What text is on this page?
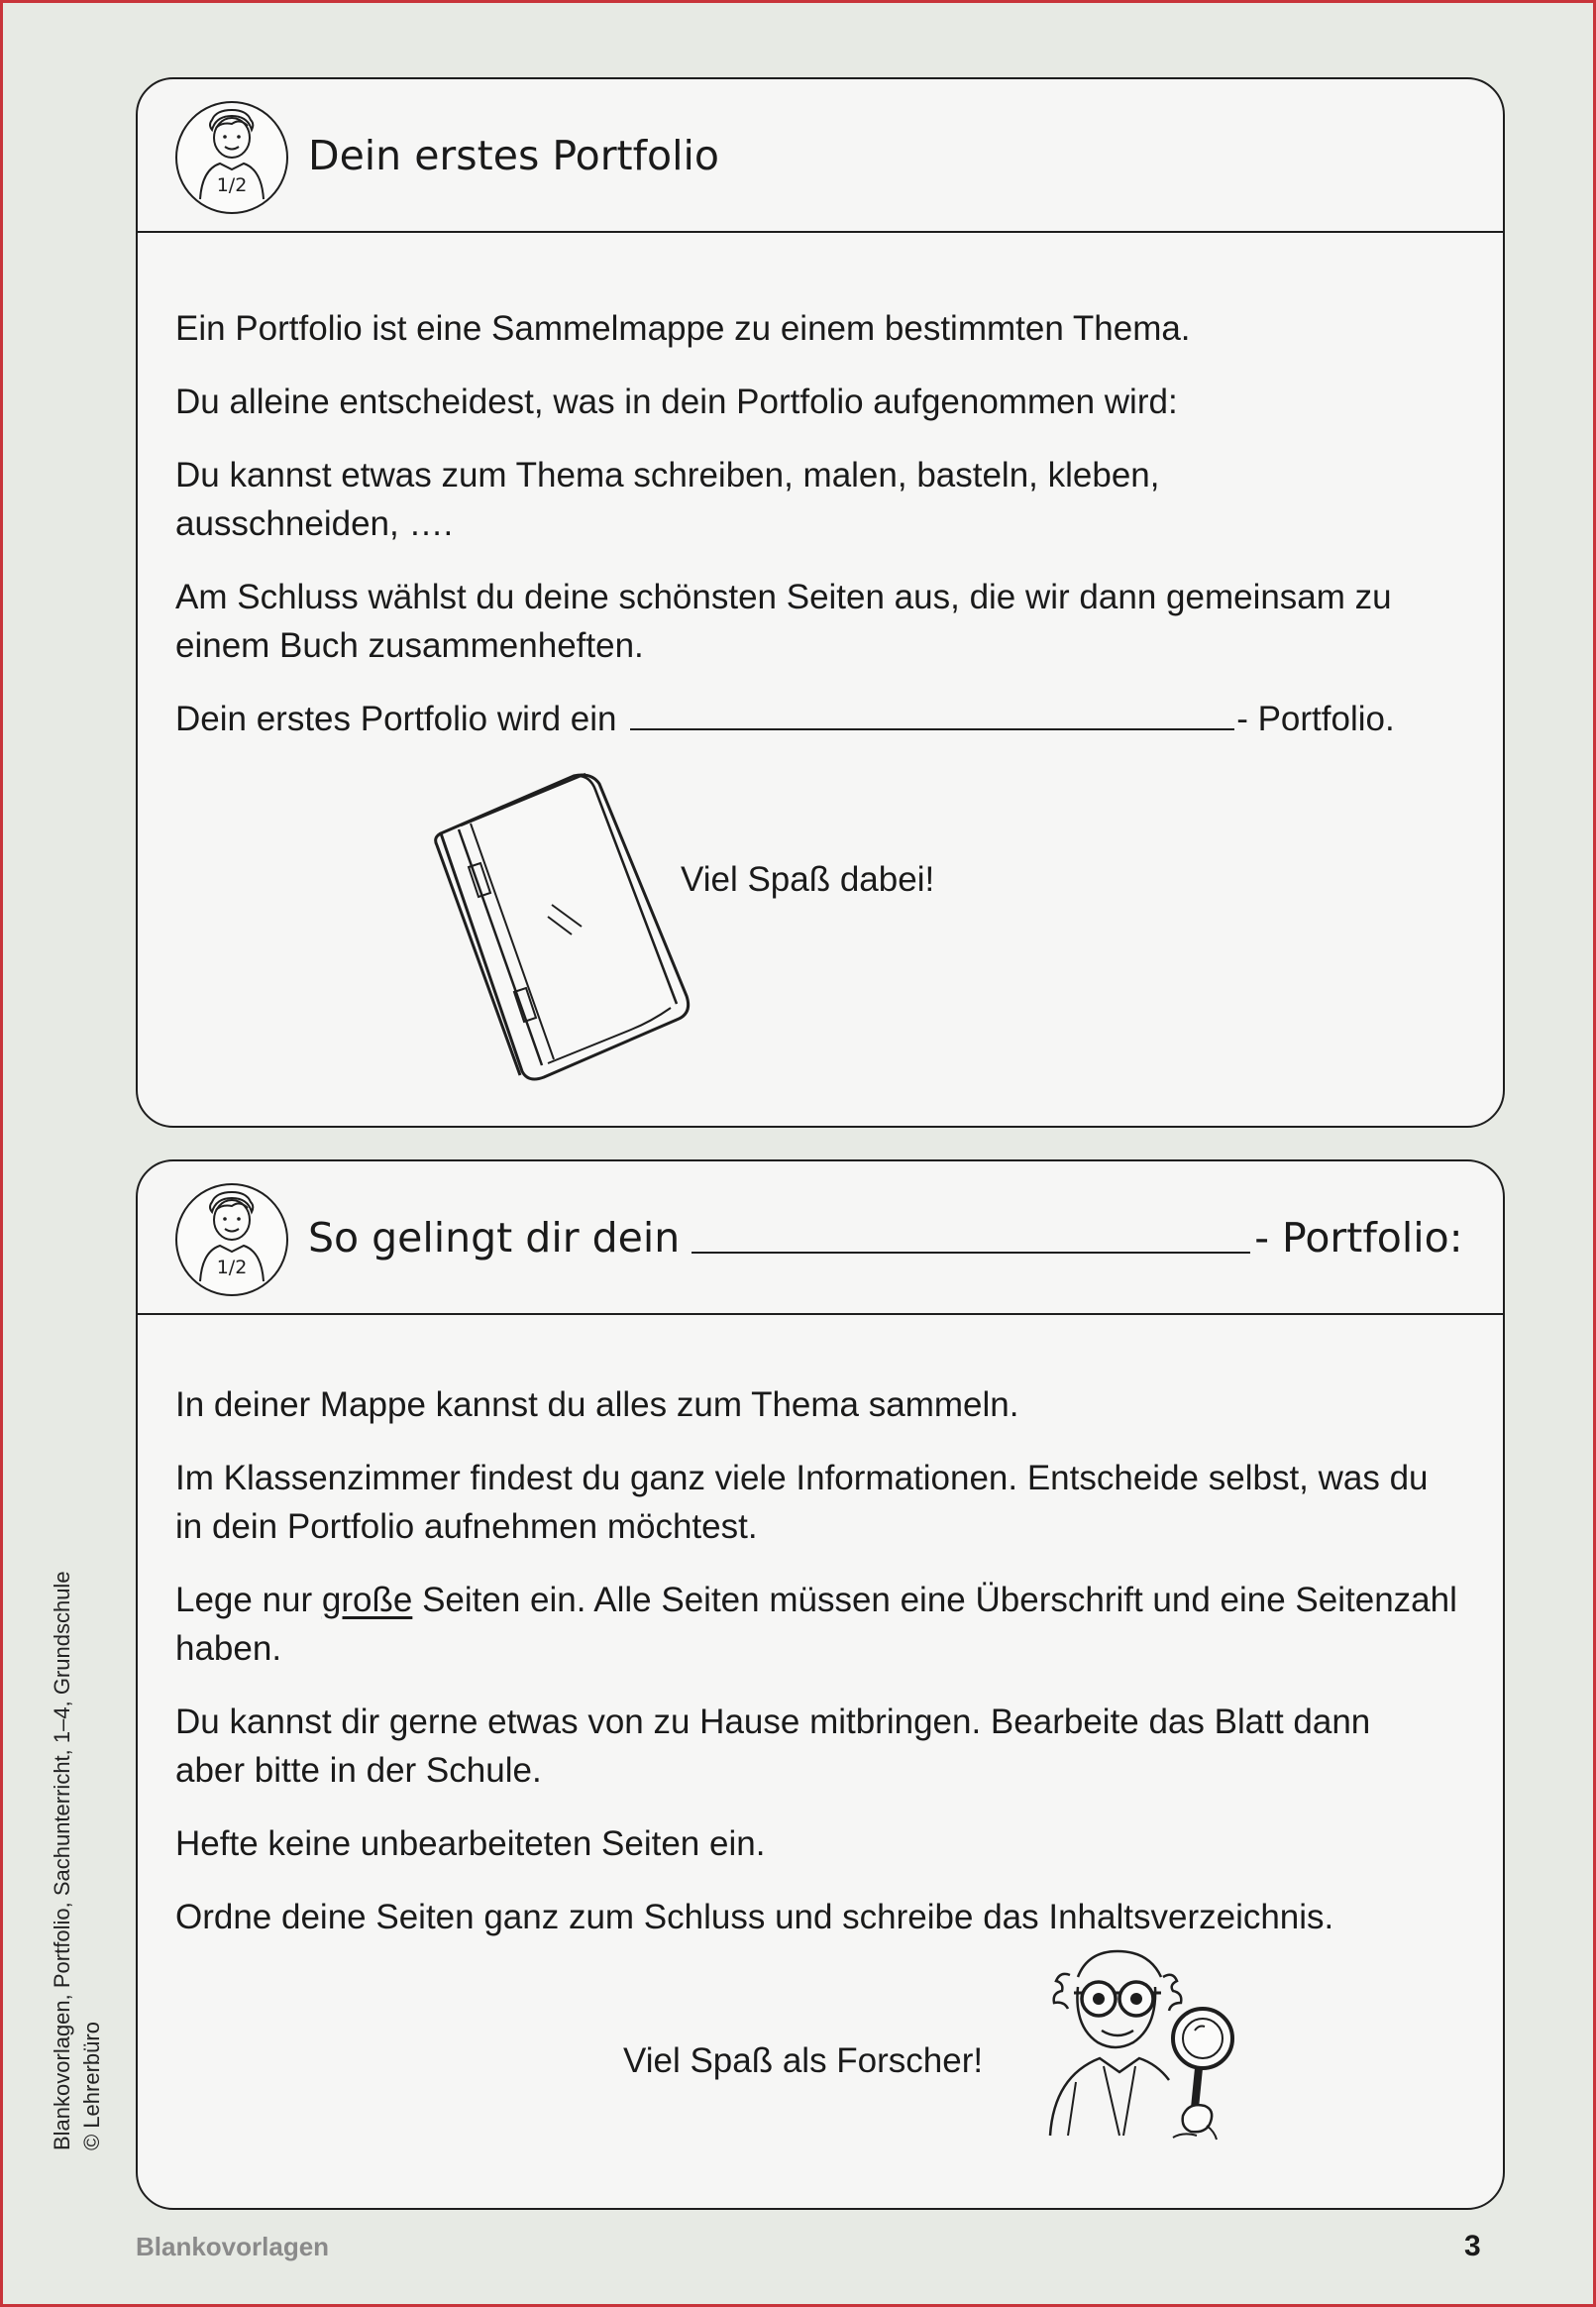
1/2
Dein erstes Portfolio

Ein Portfolio ist eine Sammelmappe zu einem bestimmten Thema.

Du alleine entscheidest, was in dein Portfolio aufgenommen wird:

Du kannst etwas zum Thema schreiben, malen, basteln, kleben, ausschneiden, ….

Am Schluss wählst du deine schönsten Seiten aus, die wir dann gemeinsam zu einem Buch zusammenheften.

Dein erstes Portfolio wird ein	- Portfolio.

Viel Spaß dabei!

1/2
So gelingt dir dein	- Portfolio:

In deiner Mappe kannst du alles zum Thema sammeln.

Im Klassenzimmer findest du ganz viele Informationen. Entscheide selbst, was du in dein Portfolio aufnehmen möchtest.

Lege nur große Seiten ein. Alle Seiten müssen eine Überschrift und eine Seitenzahl haben.

Du kannst dir gerne etwas von zu Hause mitbringen. Bearbeite das Blatt dann aber bitte in der Schule.

Hefte keine unbearbeiteten Seiten ein.

Ordne deine Seiten ganz zum Schluss und schreibe das Inhaltsverzeichnis.

Viel Spaß als Forscher!

Blankovorlagen, Portfolio, Sachunterricht, 1–4, Grundschule © Lehrerbüro
Blankovorlagen	3
